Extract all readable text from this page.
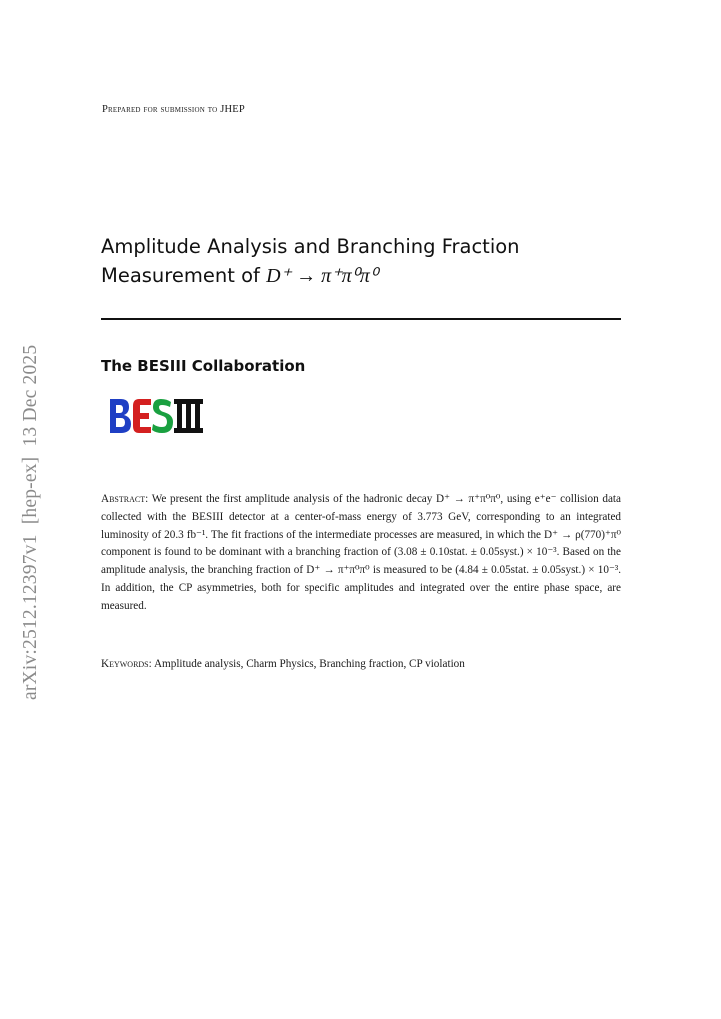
arXiv:2512.12397v1  [hep-ex]  13 Dec 2025
Prepared for submission to JHEP
Amplitude Analysis and Branching Fraction
Measurement of D⁺ → π⁺π⁰π⁰
The BESIII Collaboration
Abstract: We present the first amplitude analysis of the hadronic decay D⁺ → π⁺π⁰π⁰, using e⁺e⁻ collision data collected with the BESIII detector at a center-of-mass energy of 3.773 GeV, corresponding to an integrated luminosity of 20.3 fb⁻¹. The fit fractions of the intermediate processes are measured, in which the D⁺ → ρ(770)⁺π⁰ component is found to be dominant with a branching fraction of (3.08 ± 0.10stat. ± 0.05syst.) × 10⁻³. Based on the amplitude analysis, the branching fraction of D⁺ → π⁺π⁰π⁰ is measured to be (4.84 ± 0.05stat. ± 0.05syst.) × 10⁻³. In addition, the CP asymmetries, both for specific amplitudes and integrated over the entire phase space, are measured.
Keywords: Amplitude analysis, Charm Physics, Branching fraction, CP violation
